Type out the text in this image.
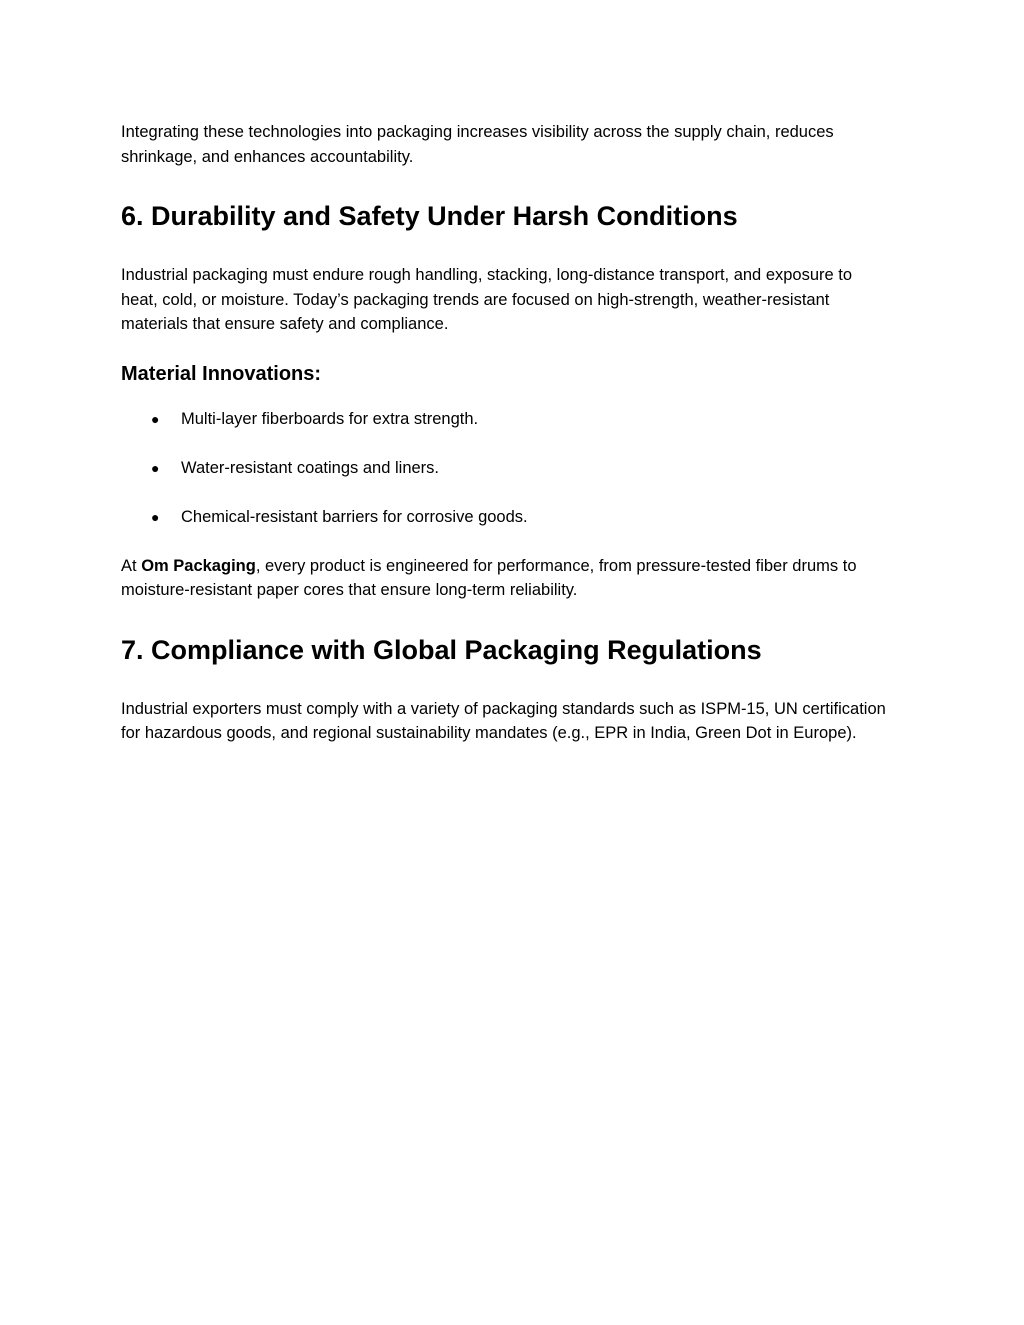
Integrating these technologies into packaging increases visibility across the supply chain, reduces shrinkage, and enhances accountability.

6. Durability and Safety Under Harsh Conditions

Industrial packaging must endure rough handling, stacking, long-distance transport, and exposure to heat, cold, or moisture. Today’s packaging trends are focused on high-strength, weather-resistant materials that ensure safety and compliance.

Material Innovations:
● Multi-layer fiberboards for extra strength.
● Water-resistant coatings and liners.
● Chemical-resistant barriers for corrosive goods.

At Om Packaging, every product is engineered for performance, from pressure-tested fiber drums to moisture-resistant paper cores that ensure long-term reliability.

7. Compliance with Global Packaging Regulations

Industrial exporters must comply with a variety of packaging standards such as ISPM-15, UN certification for hazardous goods, and regional sustainability mandates (e.g., EPR in India, Green Dot in Europe).
